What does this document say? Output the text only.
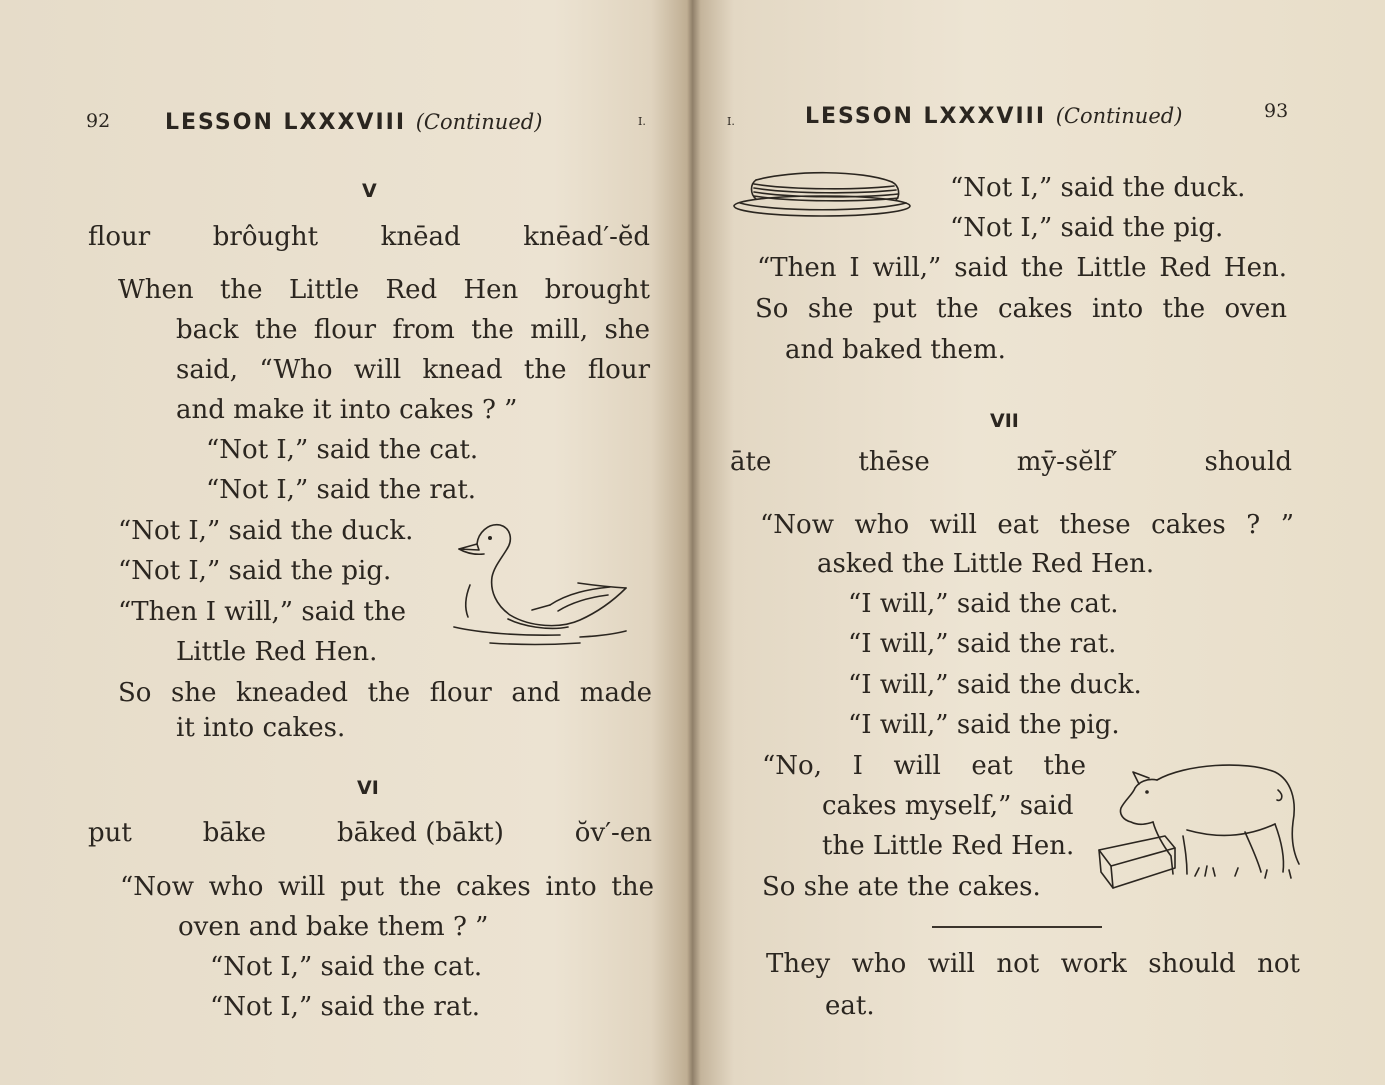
92 LESSON LXXXVIII (Continued)	I.
V
flour brôught knēad knēad′-ĕd
When the Little Red Hen brought
back the flour from the mill, she
said, “Who will knead the flour
and make it into cakes ? ”
“Not I,” said the cat.
“Not I,” said the rat.
“Not I,” said the duck.
“Not I,” said the pig.
“Then I will,” said the
Little Red Hen.
So she kneaded the flour and made
it into cakes.
VI
put	bāke	bāked (bākt)	ŏv′-en
“Now who will put the cakes into the
oven and bake them ? ”
“Not I,” said the cat.
“Not I,” said the rat.
I.	LESSON LXXXVIII (Continued)	93
“Not I,” said the duck.
“Not I,” said the pig.
“Then I will,” said the Little Red Hen.
So she put the cakes into the oven
and baked them.
VII
āte	thēse	mȳ-sĕlf′	should
“Now who will eat these cakes ? ”
asked the Little Red Hen.
“I will,” said the cat.
“I will,” said the rat.
“I will,” said the duck.
“I will,” said the pig.
“No, I will eat the
cakes myself,” said
the Little Red Hen.
So she ate the cakes.
They who will not work should not
eat.
